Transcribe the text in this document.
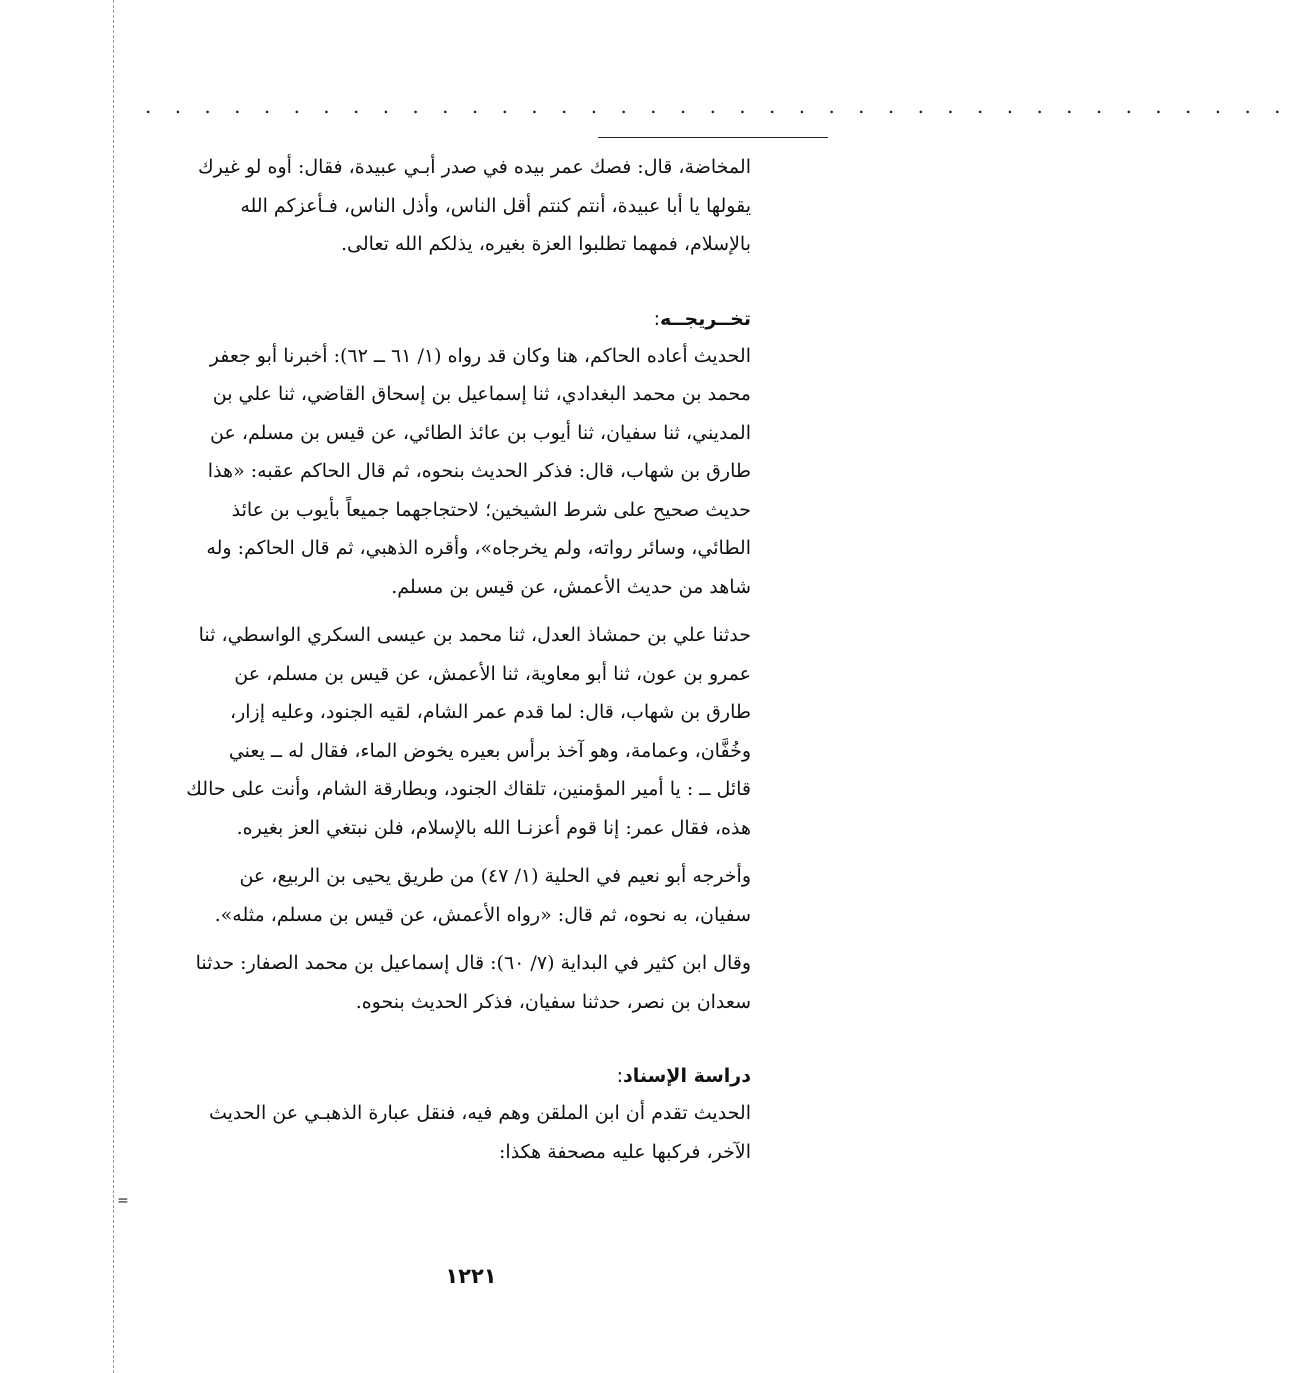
=
. . . . . . . . . . . . . . . . . . . . . . . . . . . . . . . . . . . . . . .

المخاضة، قال: فصك عمر بيده في صدر أبـي عبيدة، فقال: أوه لو غيرك

يقولها يا أبا عبيدة، أنتم كنتم أقل الناس، وأذل الناس، فـأعزكم الله

بالإسلام، فمهما تطلبوا العزة بغيره، يذلكم الله تعالى.

تخــريجــه:

الحديث أعاده الحاكم، هنا وكان قد رواه (١/ ٦١ ــ ٦٢): أخبرنا أبو جعفر

محمد بن محمد البغدادي، ثنا إسماعيل بن إسحاق القاضي، ثنا علي بن

المديني، ثنا سفيان، ثنا أيوب بن عائذ الطائي، عن قيس بن مسلم، عن

طارق بن شهاب، قال: فذكر الحديث بنحوه، ثم قال الحاكم عقبه: «هذا

حديث صحيح على شرط الشيخين؛ لاحتجاجهما جميعاً بأيوب بن عائذ

الطائي، وسائر رواته، ولم يخرجاه»، وأقره الذهبي، ثم قال الحاكم: وله

شاهد من حديث الأعمش، عن قيس بن مسلم.

حدثنا علي بن حمشاذ العدل، ثنا محمد بن عيسى السكري الواسطي، ثنا

عمرو بن عون، ثنا أبو معاوية، ثنا الأعمش، عن قيس بن مسلم، عن

طارق بن شهاب، قال: لما قدم عمر الشام، لقيه الجنود، وعليه إزار،

وخُفَّان، وعمامة، وهو آخذ برأس بعيره يخوض الماء، فقال له ــ يعني

قائل ــ : يا أمير المؤمنين، تلقاك الجنود، وبطارقة الشام، وأنت على حالك

هذه، فقال عمر: إنا قوم أعزنـا الله بالإسلام، فلن نبتغي العز بغيره.

وأخرجه أبو نعيم في الحلية (١/ ٤٧) من طريق يحيى بن الربيع، عن

سفيان، به نحوه، ثم قال: «رواه الأعمش، عن قيس بن مسلم، مثله».

وقال ابن كثير في البداية (٧/ ٦٠): قال إسماعيل بن محمد الصفار: حدثنا

سعدان بن نصر، حدثنا سفيان، فذكر الحديث بنحوه.

دراسة الإسناد:

الحديث تقدم أن ابن الملقن وهم فيه، فنقل عبارة الذهبـي عن الحديث

الآخر، فركبها عليه مصحفة هكذا:

١٢٢١
